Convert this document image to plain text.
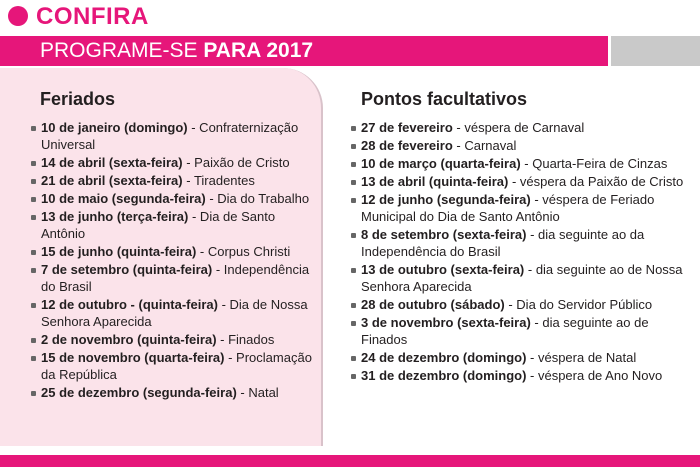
CONFIRA
PROGRAME-SE PARA 2017
Feriados	Pontos facultativos
10 de janeiro (domingo) - Confraternização Universal
14 de abril (sexta-feira) - Paixão de Cristo
21 de abril (sexta-feira) - Tiradentes
10 de maio (segunda-feira) - Dia do Trabalho
13 de junho (terça-feira) - Dia de Santo Antônio
15 de junho (quinta-feira) - Corpus Christi
7 de setembro (quinta-feira) - Independência do Brasil
12 de outubro - (quinta-feira) - Dia de Nossa Senhora Aparecida
2 de novembro (quinta-feira) - Finados
15 de novembro (quarta-feira) - Proclamação da República
25 de dezembro (segunda-feira) - Natal
27 de fevereiro - véspera de Carnaval
28 de fevereiro - Carnaval
10 de março (quarta-feira) - Quarta-Feira de Cinzas
13 de abril (quinta-feira) - véspera da Paixão de Cristo
12 de junho (segunda-feira) - véspera de Feriado Municipal do Dia de Santo Antônio
8 de setembro (sexta-feira) - dia seguinte ao da Independência do Brasil
13 de outubro (sexta-feira) - dia seguinte ao de Nossa Senhora Aparecida
28 de outubro (sábado) - Dia do Servidor Público
3 de novembro (sexta-feira) - dia seguinte ao de Finados
24 de dezembro (domingo) - véspera de Natal
31 de dezembro (domingo) - véspera de Ano Novo
